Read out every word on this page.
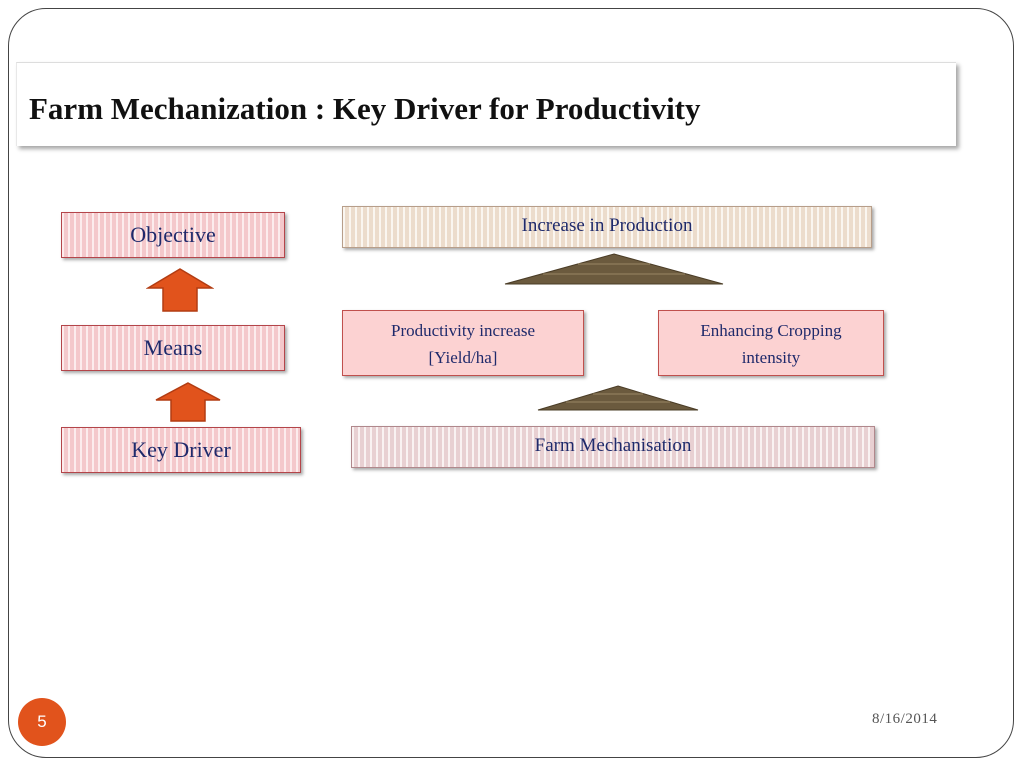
Farm Mechanization : Key Driver for Productivity
Objective
Means
Key Driver
Increase in Production
Productivity increase
[Yield/ha]
Enhancing Cropping
intensity
Farm Mechanisation
5	8/16/2014
